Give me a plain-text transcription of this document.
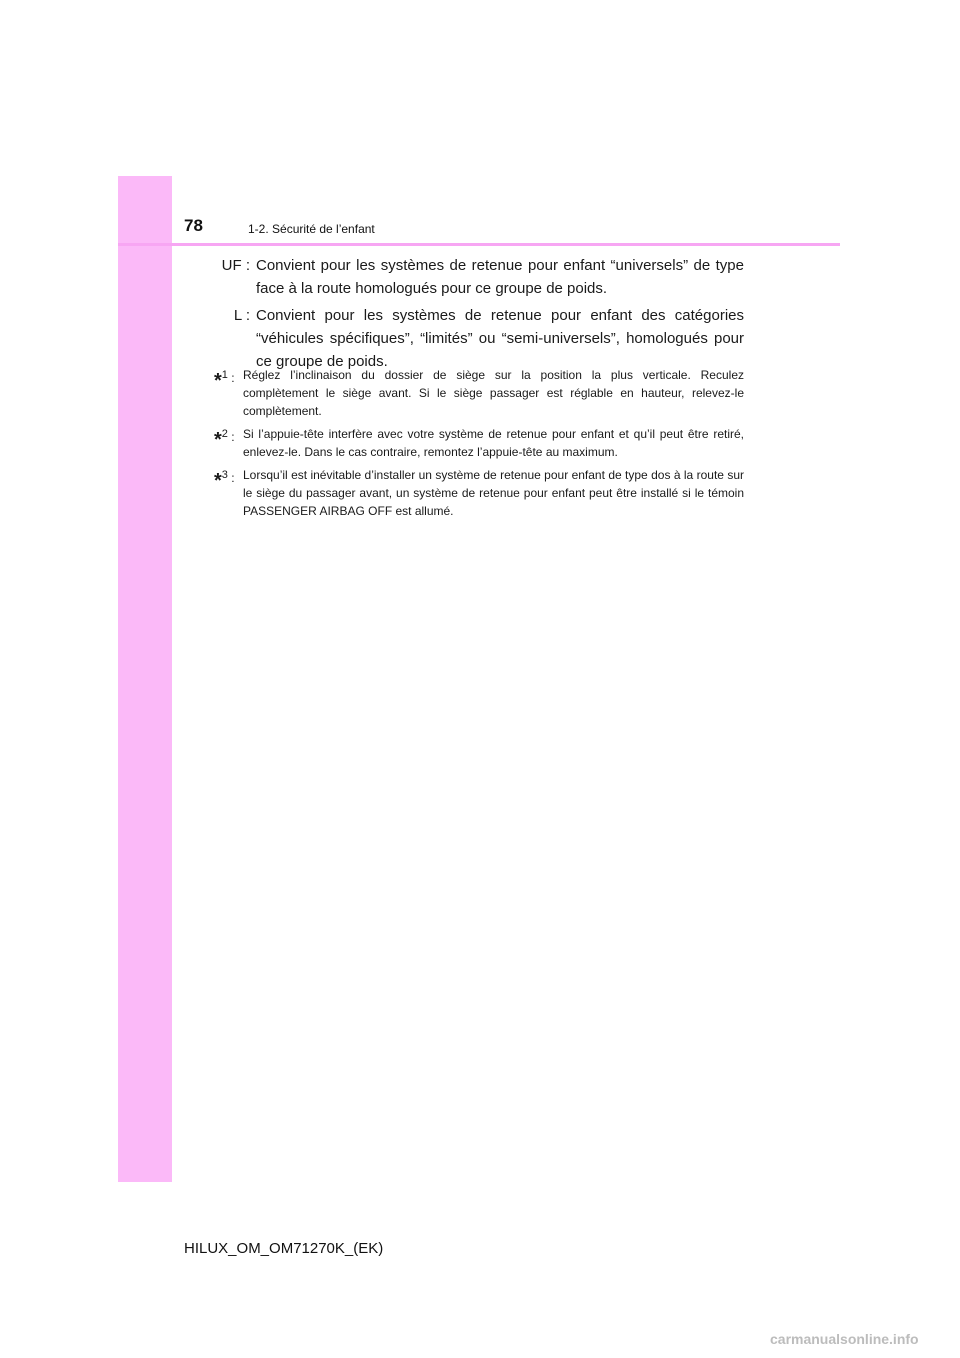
78	1-2. Sécurité de l’enfant
UF : Convient pour les systèmes de retenue pour enfant “universels” de type face à la route homologués pour ce groupe de poids.
L : Convient pour les systèmes de retenue pour enfant des catégories “véhicules spécifiques”, “limités” ou “semi-universels”, homologués pour ce groupe de poids.
*1 : Réglez l’inclinaison du dossier de siège sur la position la plus verticale. Reculez complètement le siège avant. Si le siège passager est réglable en hauteur, relevez-le complètement.
*2 : Si l’appuie-tête interfère avec votre système de retenue pour enfant et qu’il peut être retiré, enlevez-le. Dans le cas contraire, remontez l’appuie-tête au maximum.
*3 : Lorsqu’il est inévitable d’installer un système de retenue pour enfant de type dos à la route sur le siège du passager avant, un système de retenue pour enfant peut être installé si le témoin PASSENGER AIRBAG OFF est allumé.
HILUX_OM_OM71270K_(EK)
carmanualsonline.info
